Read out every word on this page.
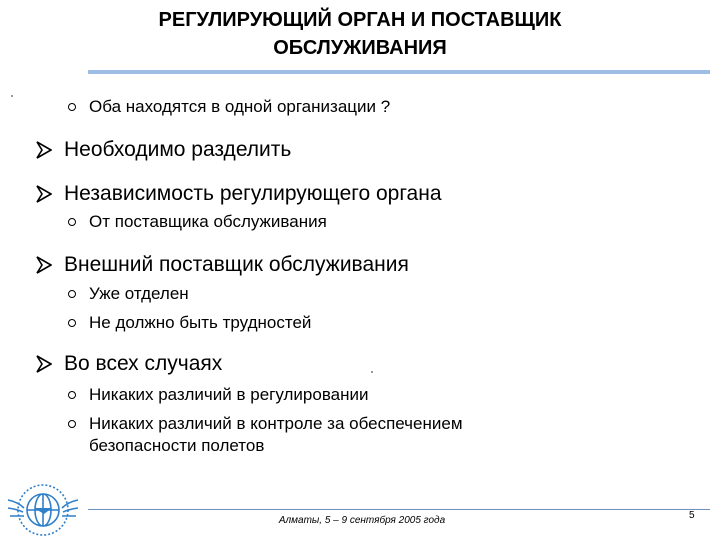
РЕГУЛИРУЮЩИЙ ОРГАН И ПОСТАВЩИК
ОБСЛУЖИВАНИЯ
Оба находятся в одной организации ?
Необходимо разделить
Независимость регулирующего органа
От поставщика обслуживания
Внешний поставщик обслуживания
Уже отделен
Не должно быть трудностей
Во всех случаях
Никаких различий в регулировании
Никаких различий в контроле за обеспечением
безопасности полетов
Алматы, 5 – 9 сентября 2005 года	5
